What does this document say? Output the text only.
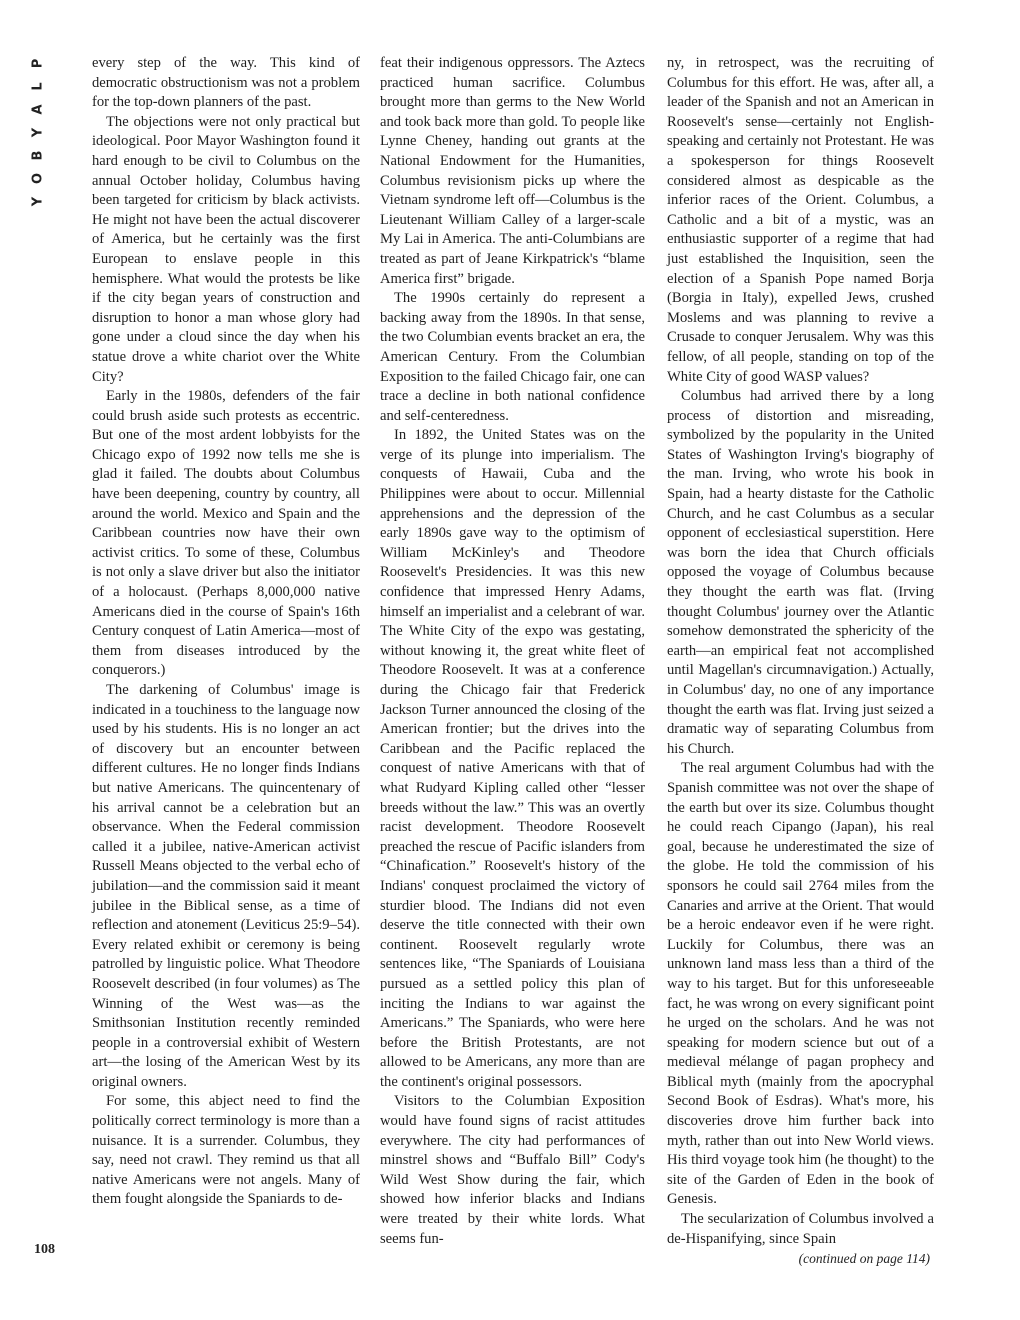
P
L
A
Y
B
O
Y

every step of the way. This kind of democratic obstructionism was not a problem for the top-down planners of the past.

The objections were not only practical but ideological. Poor Mayor Washington found it hard enough to be civil to Columbus on the annual October holiday, Columbus having been targeted for criticism by black activists. He might not have been the actual discoverer of America, but he certainly was the first European to enslave people in this hemisphere. What would the protests be like if the city began years of construction and disruption to honor a man whose glory had gone under a cloud since the day when his statue drove a white chariot over the White City?

Early in the 1980s, defenders of the fair could brush aside such protests as eccentric. But one of the most ardent lobbyists for the Chicago expo of 1992 now tells me she is glad it failed. The doubts about Columbus have been deepening, country by country, all around the world. Mexico and Spain and the Caribbean countries now have their own activist critics. To some of these, Columbus is not only a slave driver but also the initiator of a holocaust. (Perhaps 8,000,000 native Americans died in the course of Spain's 16th Century conquest of Latin America—most of them from diseases introduced by the conquerors.)

The darkening of Columbus' image is indicated in a touchiness to the language now used by his students. His is no longer an act of discovery but an encounter between different cultures. He no longer finds Indians but native Americans. The quincentenary of his arrival cannot be a celebration but an observance. When the Federal commission called it a jubilee, native-American activist Russell Means objected to the verbal echo of jubilation—and the commission said it meant jubilee in the Biblical sense, as a time of reflection and atonement (Leviticus 25:9–54). Every related exhibit or ceremony is being patrolled by linguistic police. What Theodore Roosevelt described (in four volumes) as The Winning of the West was—as the Smithsonian Institution recently reminded people in a controversial exhibit of Western art—the losing of the American West by its original owners.

For some, this abject need to find the politically correct terminology is more than a nuisance. It is a surrender. Columbus, they say, need not crawl. They remind us that all native Americans were not angels. Many of them fought alongside the Spaniards to de-

feat their indigenous oppressors. The Aztecs practiced human sacrifice. Columbus brought more than germs to the New World and took back more than gold. To people like Lynne Cheney, handing out grants at the National Endowment for the Humanities, Columbus revisionism picks up where the Vietnam syndrome left off—Columbus is the Lieutenant William Calley of a larger-scale My Lai in America. The anti-Columbians are treated as part of Jeane Kirkpatrick's “blame America first” brigade.

The 1990s certainly do represent a backing away from the 1890s. In that sense, the two Columbian events bracket an era, the American Century. From the Columbian Exposition to the failed Chicago fair, one can trace a decline in both national confidence and self-centeredness.

In 1892, the United States was on the verge of its plunge into imperialism. The conquests of Hawaii, Cuba and the Philippines were about to occur. Millennial apprehensions and the depression of the early 1890s gave way to the optimism of William McKinley's and Theodore Roosevelt's Presidencies. It was this new confidence that impressed Henry Adams, himself an imperialist and a celebrant of war. The White City of the expo was gestating, without knowing it, the great white fleet of Theodore Roosevelt. It was at a conference during the Chicago fair that Frederick Jackson Turner announced the closing of the American frontier; but the drives into the Caribbean and the Pacific replaced the conquest of native Americans with that of what Rudyard Kipling called other “lesser breeds without the law.” This was an overtly racist development. Theodore Roosevelt preached the rescue of Pacific islanders from “Chinafication.” Roosevelt's history of the Indians' conquest proclaimed the victory of sturdier blood. The Indians did not even deserve the title connected with their own continent. Roosevelt regularly wrote sentences like, “The Spaniards of Louisiana pursued as a settled policy this plan of inciting the Indians to war against the Americans.” The Spaniards, who were here before the British Protestants, are not allowed to be Americans, any more than are the continent's original possessors.

Visitors to the Columbian Exposition would have found signs of racist attitudes everywhere. The city had performances of minstrel shows and “Buffalo Bill” Cody's Wild West Show during the fair, which showed how inferior blacks and Indians were treated by their white lords. What seems fun-

ny, in retrospect, was the recruiting of Columbus for this effort. He was, after all, a leader of the Spanish and not an American in Roosevelt's sense—certainly not English-speaking and certainly not Protestant. He was a spokesperson for things Roosevelt considered almost as despicable as the inferior races of the Orient. Columbus, a Catholic and a bit of a mystic, was an enthusiastic supporter of a regime that had just established the Inquisition, seen the election of a Spanish Pope named Borja (Borgia in Italy), expelled Jews, crushed Moslems and was planning to revive a Crusade to conquer Jerusalem. Why was this fellow, of all people, standing on top of the White City of good WASP values?

Columbus had arrived there by a long process of distortion and misreading, symbolized by the popularity in the United States of Washington Irving's biography of the man. Irving, who wrote his book in Spain, had a hearty distaste for the Catholic Church, and he cast Columbus as a secular opponent of ecclesiastical superstition. Here was born the idea that Church officials opposed the voyage of Columbus because they thought the earth was flat. (Irving thought Columbus' journey over the Atlantic somehow demonstrated the sphericity of the earth—an empirical feat not accomplished until Magellan's circumnavigation.) Actually, in Columbus' day, no one of any importance thought the earth was flat. Irving just seized a dramatic way of separating Columbus from his Church.

The real argument Columbus had with the Spanish committee was not over the shape of the earth but over its size. Columbus thought he could reach Cipango (Japan), his real goal, because he underestimated the size of the globe. He told the commission of his sponsors he could sail 2764 miles from the Canaries and arrive at the Orient. That would be a heroic endeavor even if he were right. Luckily for Columbus, there was an unknown land mass less than a third of the way to his target. But for this unforeseeable fact, he was wrong on every significant point he urged on the scholars. And he was not speaking for modern science but out of a medieval mélange of pagan prophecy and Biblical myth (mainly from the apocryphal Second Book of Esdras). What's more, his discoveries drove him further back into myth, rather than out into New World views. His third voyage took him (he thought) to the site of the Garden of Eden in the book of Genesis.

The secularization of Columbus involved a de-Hispanifying, since Spain

(continued on page 114)
108
